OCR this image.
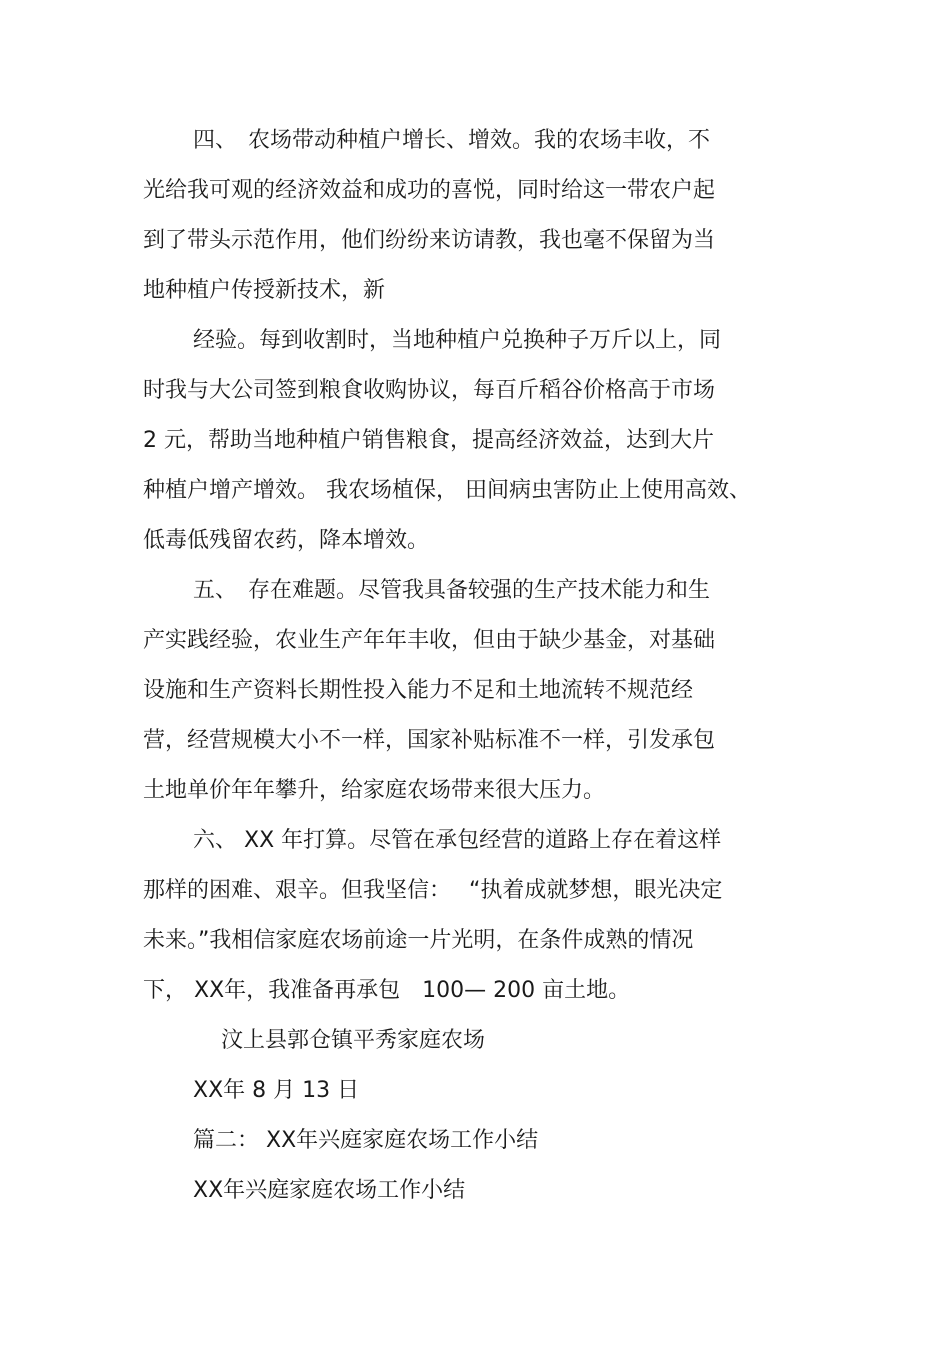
四、　农场带动种植户增长、增效。我的农场丰收，不
光给我可观的经济效益和成功的喜悦，同时给这一带农户起
到了带头示范作用，他们纷纷来访请教，我也毫不保留为当
地种植户传授新技术，新
经验。每到收割时，当地种植户兑换种子万斤以上，同
时我与大公司签到粮食收购协议，每百斤稻谷价格高于市场
2 元，帮助当地种植户销售粮食，提高经济效益，达到大片
种植户增产增效。 我农场植保， 田间病虫害防止上使用高效、
低毒低残留农药，降本增效。
五、　存在难题。尽管我具备较强的生产技术能力和生
产实践经验，农业生产年年丰收，但由于缺少基金，对基础
设施和生产资料长期性投入能力不足和土地流转不规范经
营，经营规模大小不一样，国家补贴标准不一样，引发承包
土地单价年年攀升，给家庭农场带来很大压力。
六、 XX 年打算。尽管在承包经营的道路上存在着这样
那样的困难、艰辛。但我坚信：　 “执着成就梦想，眼光决定
未来。”我相信家庭农场前途一片光明，在条件成熟的情况
下， XX年，我准备再承包　100— 200 亩土地。
汶上县郭仓镇平秀家庭农场
XX年 8 月 13 日
篇二： XX年兴庭家庭农场工作小结
XX年兴庭家庭农场工作小结
